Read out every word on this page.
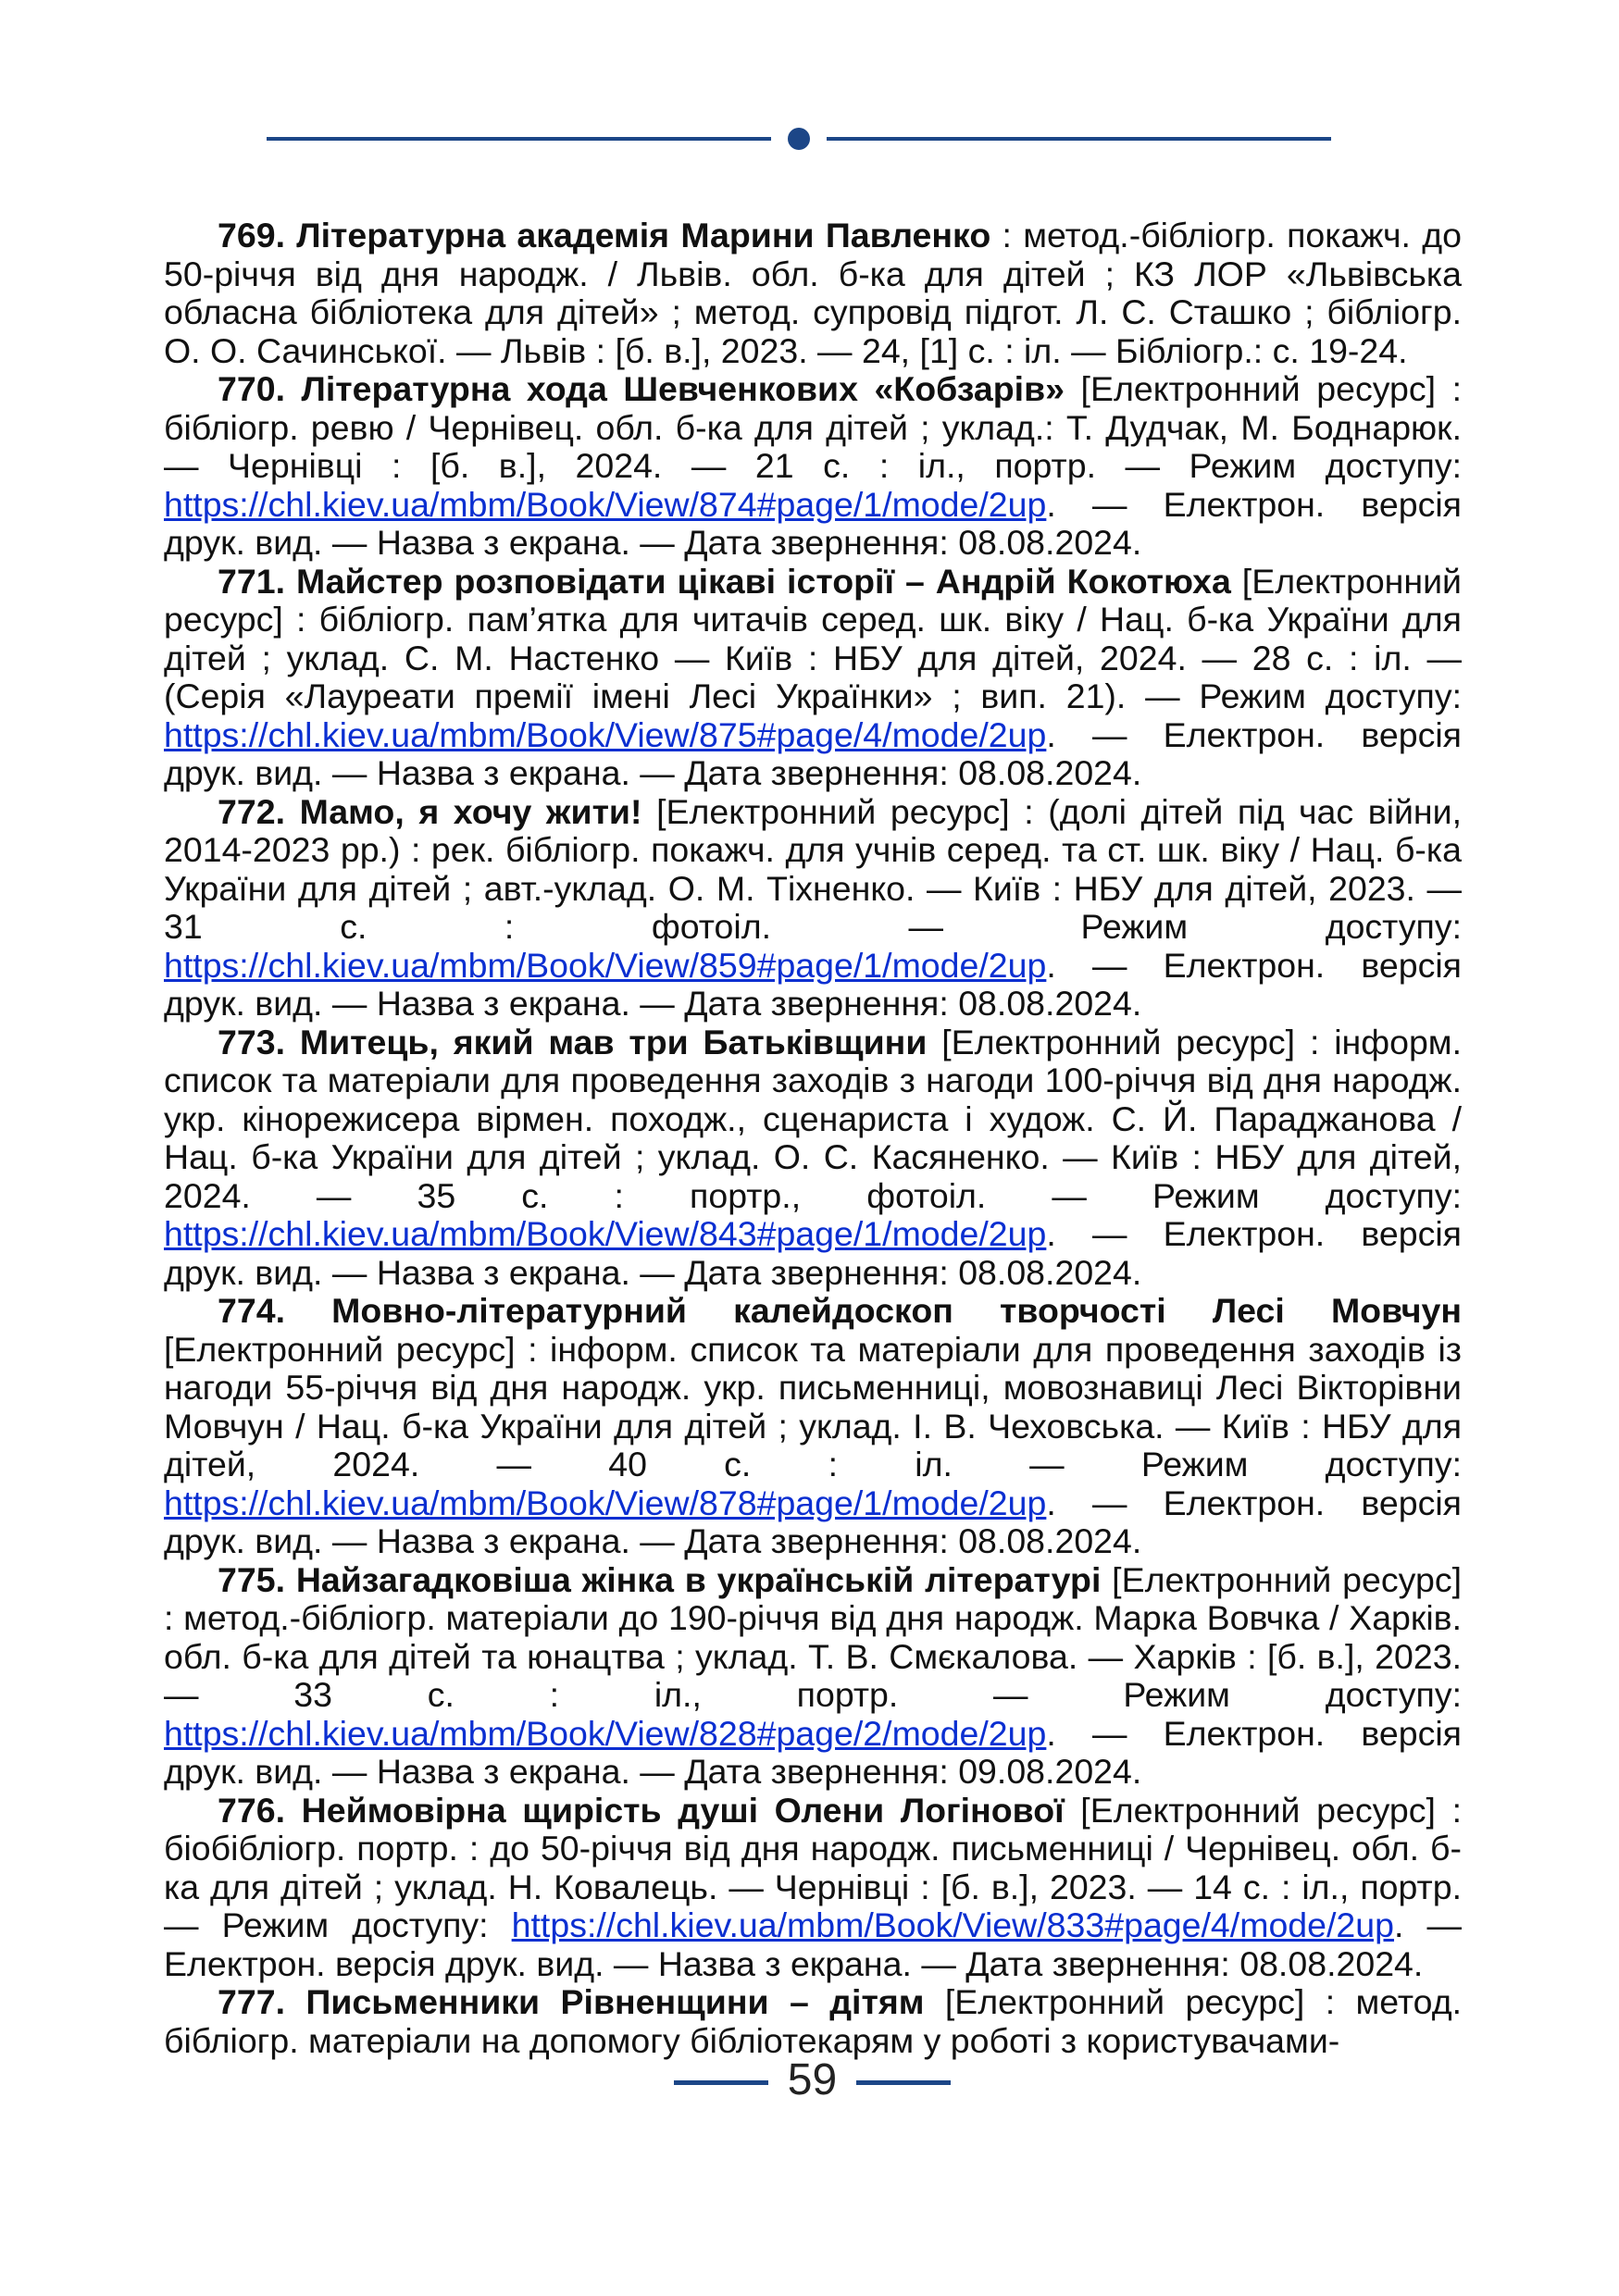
769. Літературна академія Марини Павленко : метод.-бібліогр. покажч. до 50-річчя від дня народж. / Львів. обл. б-ка для дітей ; КЗ ЛОР «Львівська обласна бібліотека для дітей» ; метод. супровід підгот. Л. С. Сташко ; бібліогр. О. О. Сачинської. — Львів : [б. в.], 2023. — 24, [1] с. : іл. — Бібліогр.: с. 19-24.

770. Літературна хода Шевченкових «Кобзарів» [Електронний ресурс] : бібліогр. ревю / Чернівец. обл. б-ка для дітей ; уклад.: Т. Дудчак, М. Боднарюк. — Чернівці : [б. в.], 2024. — 21 с. : іл., портр. — Режим доступу: https://chl.kiev.ua/mbm/Book/View/874#page/1/mode/2up. — Електрон. версія друк. вид. — Назва з екрана. — Дата звернення: 08.08.2024.

771. Майстер розповідати цікаві історії – Андрій Кокотюха [Електронний ресурс] : бібліогр. пам’ятка для читачів серед. шк. віку / Нац. б-ка України для дітей ; уклад. С. М. Настенко — Київ : НБУ для дітей, 2024. — 28 с. : іл. — (Серія «Лауреати премії імені Лесі Українки» ; вип. 21). — Режим доступу: https://chl.kiev.ua/mbm/Book/View/875#page/4/mode/2up. — Електрон. версія друк. вид. — Назва з екрана. — Дата звернення: 08.08.2024.

772. Мамо, я хочу жити! [Електронний ресурс] : (долі дітей під час війни, 2014-2023 рр.) : рек. бібліогр. покажч. для учнів серед. та ст. шк. віку / Нац. б-ка України для дітей ; авт.-уклад. О. М. Тіхненко. — Київ : НБУ для дітей, 2023. — 31 с. : фотоіл. — Режим доступу: https://chl.kiev.ua/mbm/Book/View/859#page/1/mode/2up. — Електрон. версія друк. вид. — Назва з екрана. — Дата звернення: 08.08.2024.

773. Митець, який мав три Батьківщини [Електронний ресурс] : інформ. список та матеріали для проведення заходів з нагоди 100-річчя від дня народж. укр. кінорежисера вірмен. походж., сценариста і худож. С. Й. Параджанова / Нац. б-ка України для дітей ; уклад. О. С. Касяненко. — Київ : НБУ для дітей, 2024. — 35 с. : портр., фотоіл. — Режим доступу: https://chl.kiev.ua/mbm/Book/View/843#page/1/mode/2up. — Електрон. версія друк. вид. — Назва з екрана. — Дата звернення: 08.08.2024.

774. Мовно-літературний калейдоскоп творчості Лесі Мовчун [Електронний ресурс] : інформ. список та матеріали для проведення заходів із нагоди 55-річчя від дня народж. укр. письменниці, мовознавиці Лесі Вікторівни Мовчун / Нац. б-ка України для дітей ; уклад. І. В. Чеховська. — Київ : НБУ для дітей, 2024. — 40 с. : іл. — Режим доступу: https://chl.kiev.ua/mbm/Book/View/878#page/1/mode/2up. — Електрон. версія друк. вид. — Назва з екрана. — Дата звернення: 08.08.2024.

775. Найзагадковіша жінка в українській літературі [Електронний ресурс] : метод.-бібліогр. матеріали до 190-річчя від дня народж. Марка Вовчка / Харків. обл. б-ка для дітей та юнацтва ; уклад. Т. В. Смєкалова. — Харків : [б. в.], 2023. — 33 с. : іл., портр. — Режим доступу: https://chl.kiev.ua/mbm/Book/View/828#page/2/mode/2up. — Електрон. версія друк. вид. — Назва з екрана. — Дата звернення: 09.08.2024.

776. Неймовірна щирість душі Олени Логінової [Електронний ресурс] : біобібліогр. портр. : до 50-річчя від дня народж. письменниці / Чернівец. обл. б-ка для дітей ; уклад. Н. Ковалець. — Чернівці : [б. в.], 2023. — 14 с. : іл., портр. — Режим доступу: https://chl.kiev.ua/mbm/Book/View/833#page/4/mode/2up. — Електрон. версія друк. вид. — Назва з екрана. — Дата звернення: 08.08.2024.

777. Письменники Рівненщини – дітям [Електронний ресурс] : метод. бібліогр. матеріали на допомогу бібліотекарям у роботі з користувачами-

59
